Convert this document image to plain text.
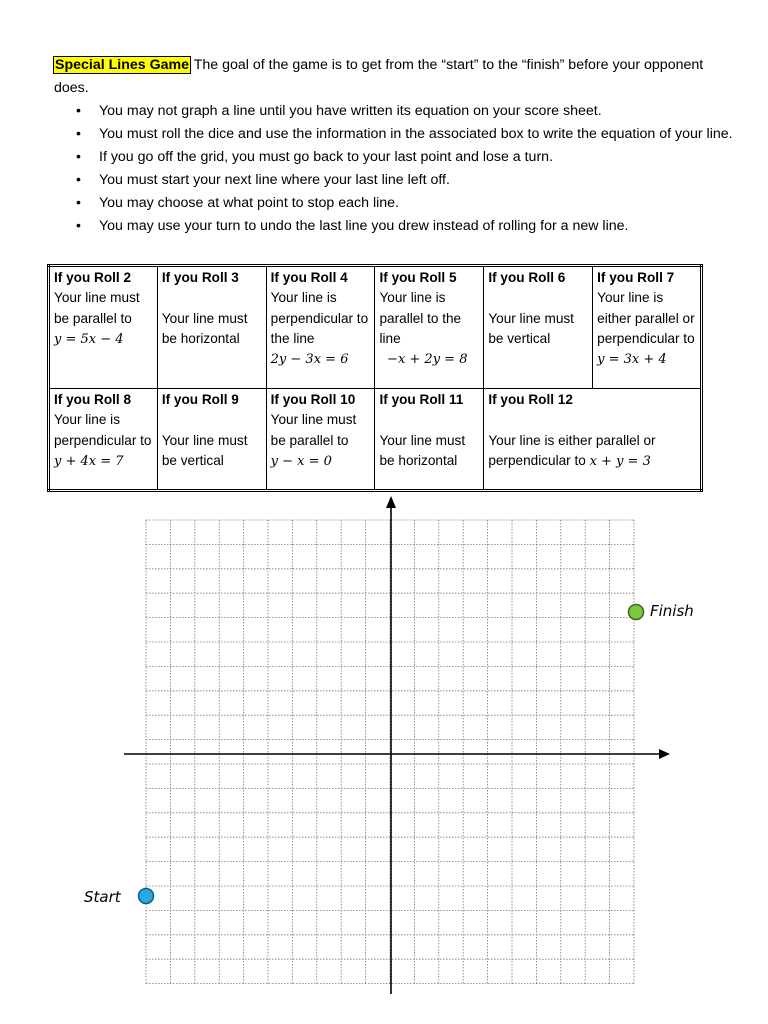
Special Lines Game The goal of the game is to get from the “start” to the “finish” before your opponent does.
• You may not graph a line until you have written its equation on your score sheet.
• You must roll the dice and use the information in the associated box to write the equation of your line.
• If you go off the grid, you must go back to your last point and lose a turn.
• You must start your next line where your last line left off.
• You may choose at what point to stop each line.
• You may use your turn to undo the last line you drew instead of rolling for a new line.
If you Roll 2
Your line must be parallel to
y = 5x − 4	If you Roll 3

Your line must be horizontal	If you Roll 4
Your line is perpendicular to the line
2y − 3x = 6	If you Roll 5
Your line is parallel to the line
−x + 2y = 8	If you Roll 6

Your line must be vertical	If you Roll 7
Your line is either parallel or perpendicular to y = 3x + 4

If you Roll 8
Your line is perpendicular to y + 4x = 7	If you Roll 9

Your line must be vertical	If you Roll 10
Your line must be parallel to
y − x = 0	If you Roll 11

Your line must be horizontal	If you Roll 12

Your line is either parallel or perpendicular to x + y = 3	
Finish
Start
